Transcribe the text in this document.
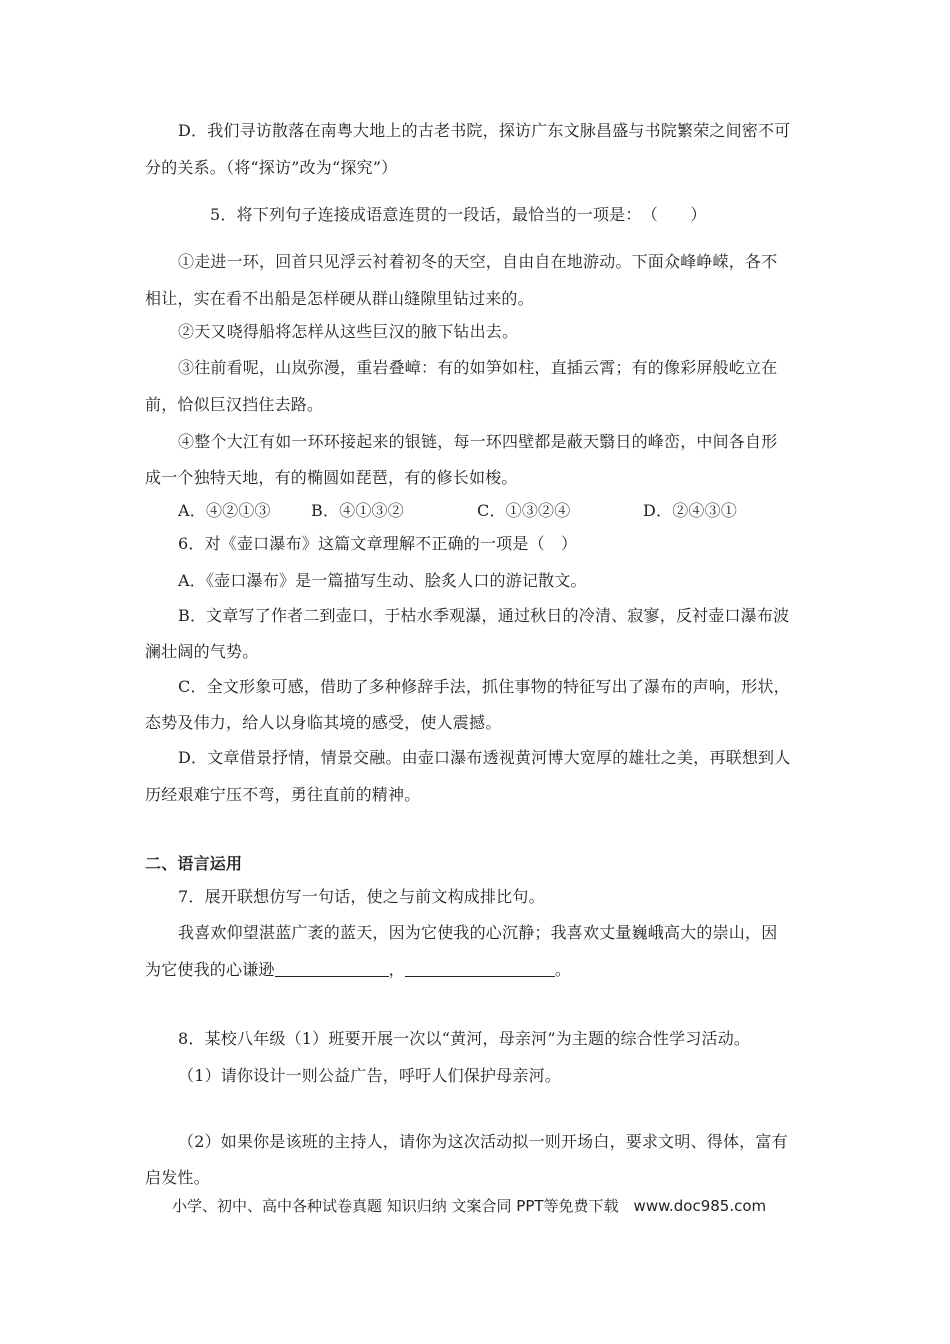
D．我们寻访散落在南粤大地上的古老书院，探访广东文脉昌盛与书院繁荣之间密不可
分的关系。（将“探访”改为“探究”）
5．将下列句子连接成语意连贯的一段话，最恰当的一项是：　（　　）
①走进一环，回首只见浮云衬着初冬的天空，自由自在地游动。下面众峰峥嵘，各不
相让，实在看不出船是怎样硬从群山缝隙里钻过来的。
②天又哓得船将怎样从这些巨汉的腋下钻出去。
③往前看呢，山岚弥漫，重岩叠嶂：有的如笋如柱，直插云霄；有的像彩屏般屹立在
前，恰似巨汉挡住去路。
④整个大江有如一环环接起来的银链，每一环四壁都是蔽天翳日的峰峦，中间各自形
成一个独特天地，有的椭圆如琵琶，有的修长如梭。
A．④②①③	B．④①③②	C．①③②④	D．②④③①
6．对《壶口瀑布》这篇文章理解不正确的一项是（　）
A．《壶口瀑布》是一篇描写生动、脍炙人口的游记散文。
B．文章写了作者二到壶口，于枯水季观瀑，通过秋日的冷清、寂寥，反衬壶口瀑布波
澜壮阔的气势。
C．全文形象可感，借助了多种修辞手法，抓住事物的特征写出了瀑布的声响，形状，
态势及伟力，给人以身临其境的感受，使人震撼。
D．文章借景抒情，情景交融。由壶口瀑布透视黄河博大宽厚的雄壮之美，再联想到人
历经艰难宁压不弯，勇往直前的精神。
二、语言运用
7．展开联想仿写一句话，使之与前文构成排比句。
我喜欢仰望湛蓝广袤的蓝天，因为它使我的心沉静；我喜欢丈量巍峨高大的崇山，因
为它使我的心谦逊	，	。
8．某校八年级（1）班要开展一次以“黄河，母亲河”为主题的综合性学习活动。
（1）请你设计一则公益广告，呼吁人们保护母亲河。
（2）如果你是该班的主持人，请你为这次活动拟一则开场白，要求文明、得体，富有
启发性。
小学、初中、高中各种试卷真题 知识归纳 文案合同 PPT等免费下载　www.doc985.com
